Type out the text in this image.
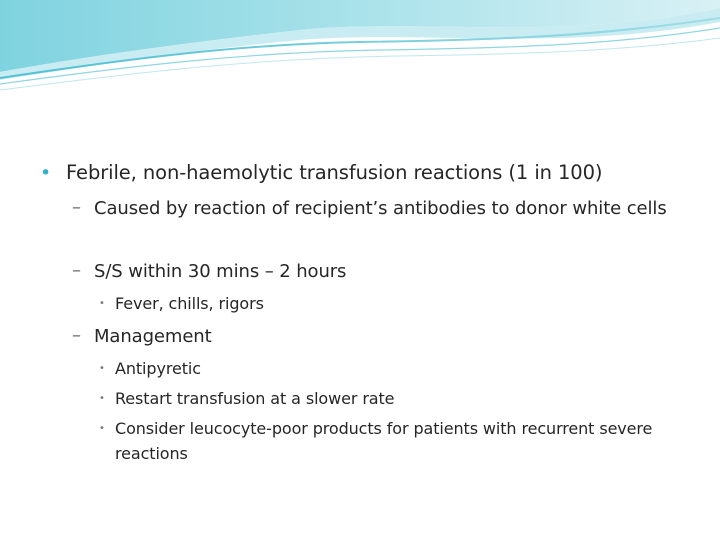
• Febrile, non-haemolytic transfusion reactions (1 in 100)
– Caused by reaction of recipient’s antibodies to donor white cells
– S/S within 30 mins – 2 hours
• Fever, chills, rigors
– Management
• Antipyretic
• Restart transfusion at a slower rate
• Consider leucocyte-poor products for patients with recurrent severe reactions
